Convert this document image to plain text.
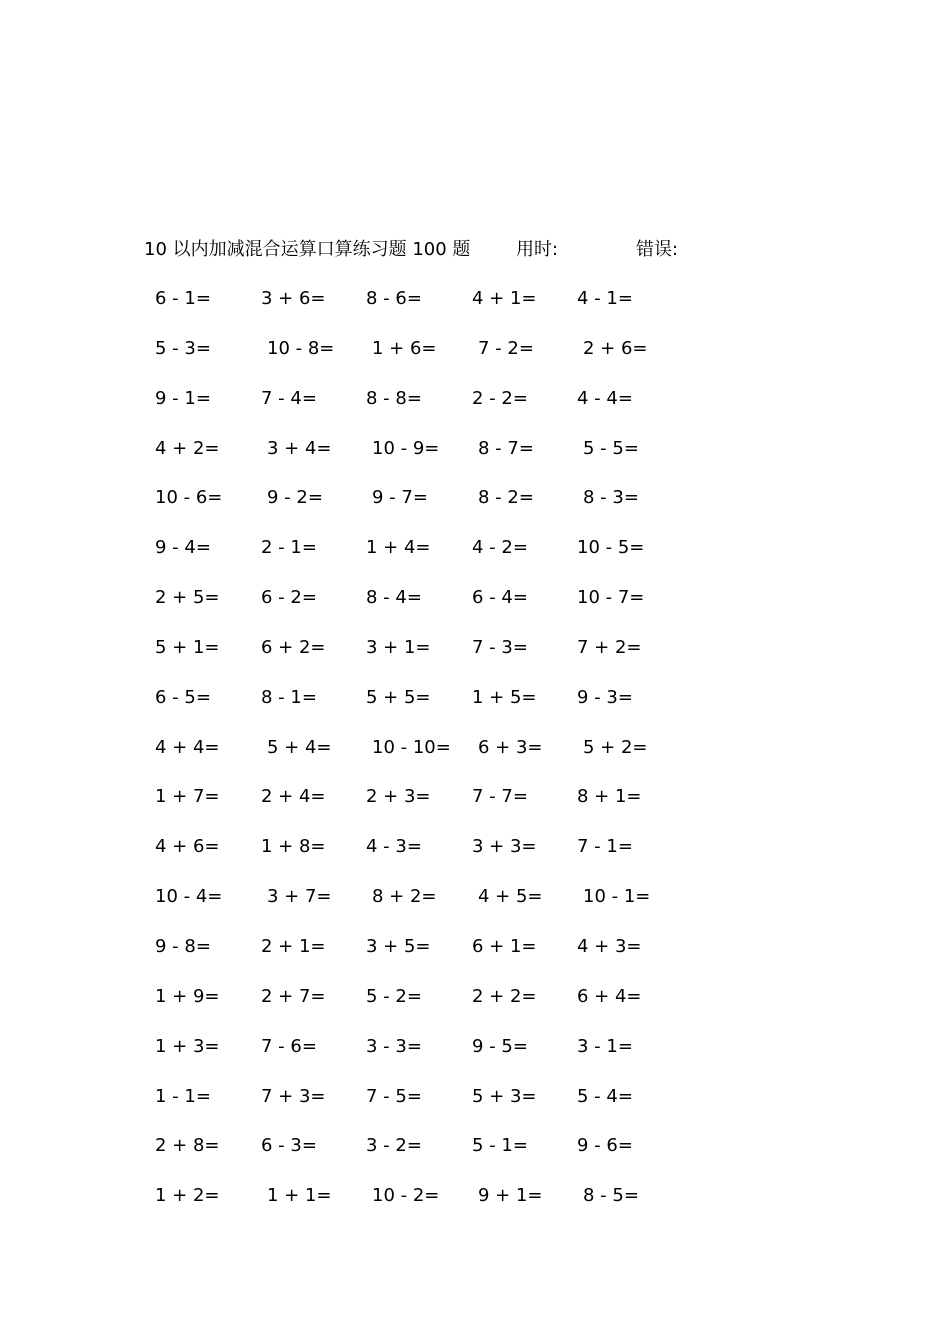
10 以内加减混合运算口算练习题 100 题	用时:	错误:
6 - 1=	3 + 6= 8 - 6=	4 + 1= 4 - 1=
5 - 3=	10 - 8= 1 + 6= 7 - 2=	2 + 6=
9 - 1=	7 - 4=	8 - 8=	2 - 2=	4 - 4=
4 + 2=	3 + 4= 10 - 9= 8 - 7=	5 - 5=
10 - 6= 9 - 2=	9 - 7=	8 - 2=	8 - 3=
9 - 4=	2 - 1=	1 + 4= 4 - 2=	10 - 5=
2 + 5= 6 - 2=	8 - 4=	6 - 4=	10 - 7=
5 + 1= 6 + 2= 3 + 1= 7 - 3=	7 + 2=
6 - 5=	8 - 1=	5 + 5= 1 + 5= 9 - 3=
4 + 4=	5 + 4= 10 - 10= 6 + 3= 5 + 2=
1 + 7= 2 + 4= 2 + 3= 7 - 7=	8 + 1=
4 + 6= 1 + 8= 4 - 3=	3 + 3= 7 - 1=
10 - 4= 3 + 7= 8 + 2= 4 + 5= 10 - 1=
9 - 8=	2 + 1= 3 + 5= 6 + 1= 4 + 3=
1 + 9= 2 + 7= 5 - 2=	2 + 2= 6 + 4=
1 + 3= 7 - 6=	3 - 3=	9 - 5=	3 - 1=
1 - 1=	7 + 3= 7 - 5=	5 + 3= 5 - 4=
2 + 8= 6 - 3=	3 - 2=	5 - 1=	9 - 6=
1 + 2=	1 + 1= 10 - 2= 9 + 1= 8 - 5=
